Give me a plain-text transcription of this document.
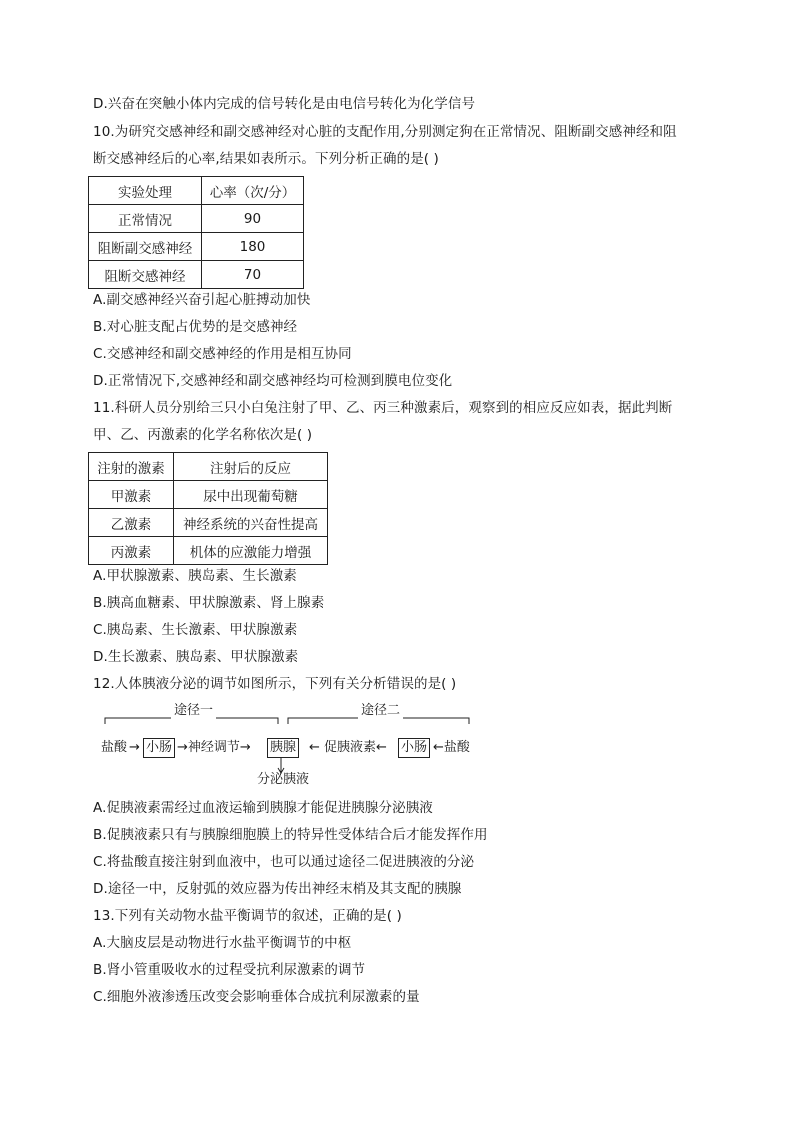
D.兴奋在突触小体内完成的信号转化是由电信号转化为化学信号
10.为研究交感神经和副交感神经对心脏的支配作用,分别测定狗在正常情况、阻断副交感神经和阻
断交感神经后的心率,结果如表所示。下列分析正确的是( )
实验处理	心率（次/分）
正常情况	90
阻断副交感神经	180
阻断交感神经	70
A.副交感神经兴奋引起心脏搏动加快
B.对心脏支配占优势的是交感神经
C.交感神经和副交感神经的作用是相互协同
D.正常情况下,交感神经和副交感神经均可检测到膜电位变化
11.科研人员分别给三只小白兔注射了甲、乙、丙三种激素后，观察到的相应反应如表，据此判断
甲、乙、丙激素的化学名称依次是( )
注射的激素	注射后的反应
甲激素	尿中出现葡萄糖
乙激素	神经系统的兴奋性提高
丙激素	机体的应激能力增强
A.甲状腺激素、胰岛素、生长激素
B.胰高血糖素、甲状腺激素、肾上腺素
C.胰岛素、生长激素、甲状腺激素
D.生长激素、胰岛素、甲状腺激素
12.人体胰液分泌的调节如图所示，下列有关分析错误的是( )
途径一	途径二
盐酸 → 小肠 →神经调节→ 胰腺 ← 促胰液素← 小肠 ←盐酸
分泌胰液
A.促胰液素需经过血液运输到胰腺才能促进胰腺分泌胰液
B.促胰液素只有与胰腺细胞膜上的特异性受体结合后才能发挥作用
C.将盐酸直接注射到血液中，也可以通过途径二促进胰液的分泌
D.途径一中，反射弧的效应器为传出神经末梢及其支配的胰腺
13.下列有关动物水盐平衡调节的叙述，正确的是( )
A.大脑皮层是动物进行水盐平衡调节的中枢
B.肾小管重吸收水的过程受抗利尿激素的调节
C.细胞外液渗透压改变会影响垂体合成抗利尿激素的量
